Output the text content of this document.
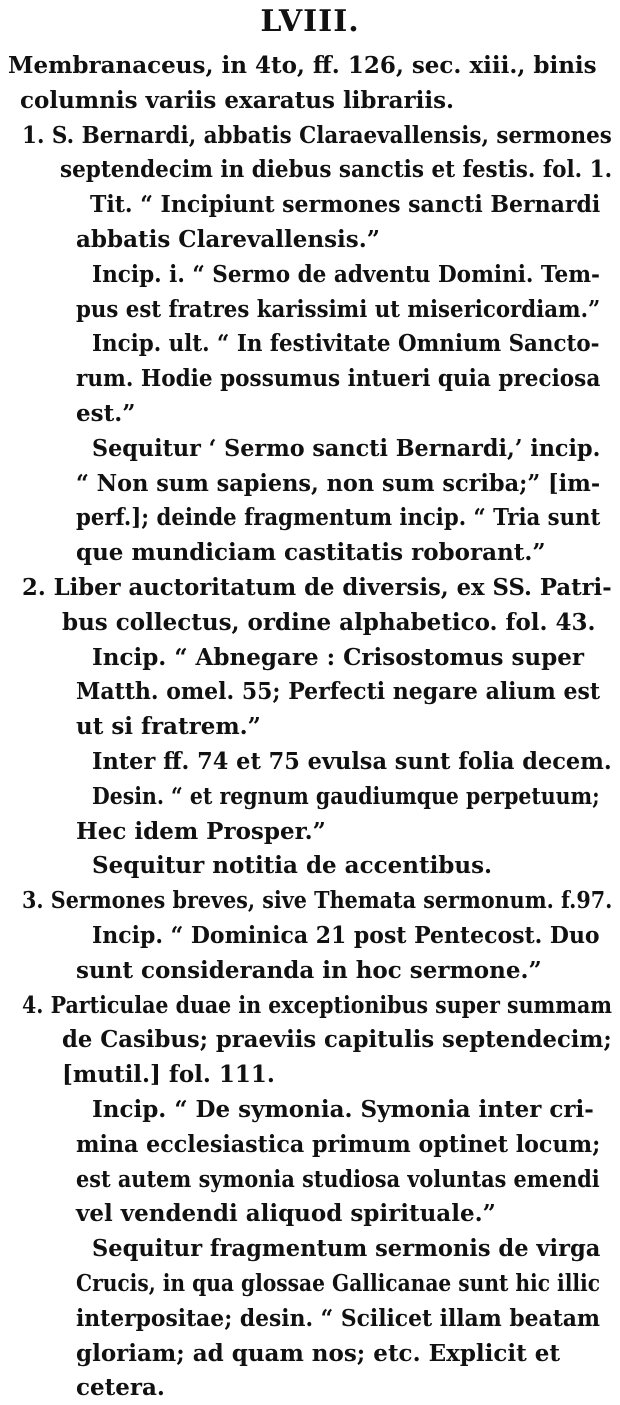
LVIII.
Membranaceus, in 4to, ff. 126, sec. xiii., binis
columnis variis exaratus librariis.
1. S. Bernardi, abbatis Claraevallensis, sermones
septendecim in diebus sanctis et festis. fol. 1.
Tit. “ Incipiunt sermones sancti Bernardi
abbatis Clarevallensis.”
Incip. i. “ Sermo de adventu Domini. Tem-
pus est fratres karissimi ut misericordiam.”
Incip. ult. “ In festivitate Omnium Sancto-
rum. Hodie possumus intueri quia preciosa
est.”
Sequitur ‘ Sermo sancti Bernardi,’ incip.
“ Non sum sapiens, non sum scriba;” [im-
perf.]; deinde fragmentum incip. “ Tria sunt
que mundiciam castitatis roborant.”
2. Liber auctoritatum de diversis, ex SS. Patri-
bus collectus, ordine alphabetico. fol. 43.
Incip. “ Abnegare : Crisostomus super
Matth. omel. 55; Perfecti negare alium est
ut si fratrem.”
Inter ff. 74 et 75 evulsa sunt folia decem.
Desin. “ et regnum gaudiumque perpetuum;
Hec idem Prosper.”
Sequitur notitia de accentibus.
3. Sermones breves, sive Themata sermonum. f.97.
Incip. “ Dominica 21 post Pentecost. Duo
sunt consideranda in hoc sermone.”
4. Particulae duae in exceptionibus super summam
de Casibus; praeviis capitulis septendecim;
[mutil.] fol. 111.
Incip. “ De symonia. Symonia inter cri-
mina ecclesiastica primum optinet locum;
est autem symonia studiosa voluntas emendi
vel vendendi aliquod spirituale.”
Sequitur fragmentum sermonis de virga
Crucis, in qua glossae Gallicanae sunt hic illic
interpositae; desin. “ Scilicet illam beatam
gloriam; ad quam nos; etc. Explicit et
cetera.
